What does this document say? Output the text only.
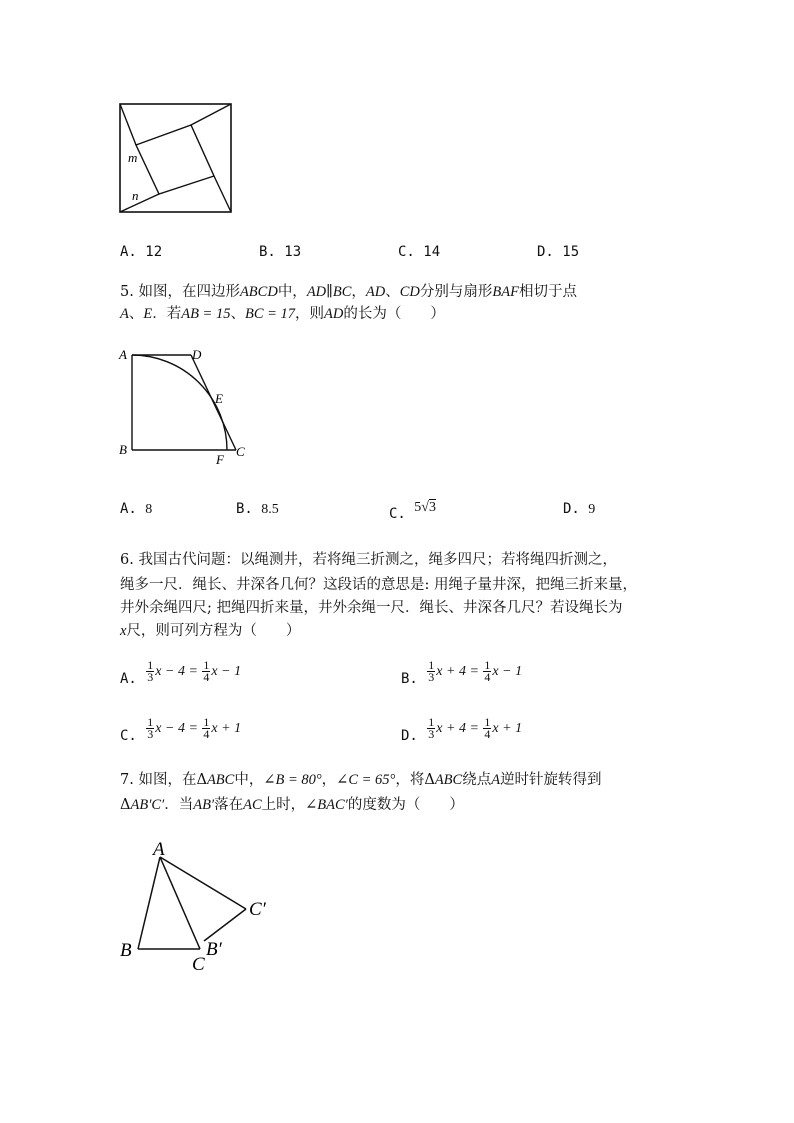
m
n
A. 12	B. 13	C. 14	D. 15
5. 如图，在四边形ABCD中，AD∥BC，AD、CD分别与扇形BAF相切于点
A、E．若AB = 15、BC = 17，则AD的长为（　　）
A	D
E
B
F
C
A. 8	B. 8.5	C. 5√3	D. 9
6. 我国古代问题：以绳测井，若将绳三折测之，绳多四尺；若将绳四折测之，
绳多一尺．绳长、井深各几何？这段话的意思是: 用绳子量井深，把绳三折来量，
井外余绳四尺; 把绳四折来量，井外余绳一尺．绳长、井深各几尺？若设绳长为
x尺，则可列方程为（　　）
A. $\frac{1}{3}$ $x - 4 = \frac{1}{4}$ x − 1	B. $\frac{1}{3}$ $x + 4 = \frac{1}{4}$ x − 1
C. $\frac{1}{3}$ $x - 4 = \frac{1}{4}$ x + 1	D. $\frac{1}{3}$ $x + 4 = \frac{1}{4}$ x + 1
7. 如图，在ΔABC中，∠B = 80°，∠C = 65°，将ΔABC绕点A逆时针旋转得到
ΔAB′C′．当AB′落在AC上时，∠BAC′的度数为（　　）
A
B
C
B′
C′
